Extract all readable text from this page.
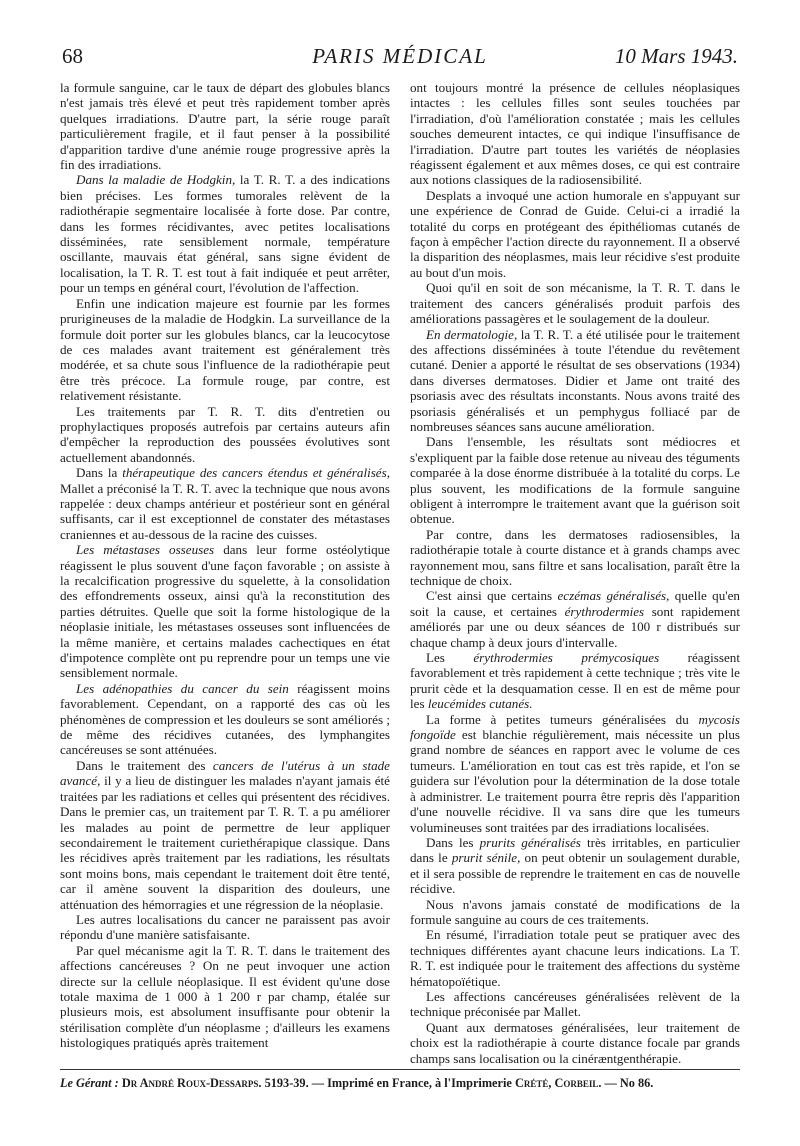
68	PARIS MÉDICAL	10 Mars 1943.

la formule sanguine, car le taux de départ des globules blancs n'est jamais très élevé et peut très rapidement tomber après quelques irradiations. D'autre part, la série rouge paraît particulièrement fragile, et il faut penser à la possibilité d'apparition tardive d'une anémie rouge progressive après la fin des irradiations.

Dans la maladie de Hodgkin, la T. R. T. a des indications bien précises. Les formes tumorales relèvent de la radiothérapie segmentaire localisée à forte dose. Par contre, dans les formes récidivantes, avec petites localisations disséminées, rate sensiblement normale, température oscillante, mauvais état général, sans signe évident de localisation, la T. R. T. est tout à fait indiquée et peut arrêter, pour un temps en général court, l'évolution de l'affection.

Enfin une indication majeure est fournie par les formes prurigineuses de la maladie de Hodgkin. La surveillance de la formule doit porter sur les globules blancs, car la leucocytose de ces malades avant traitement est généralement très modérée, et sa chute sous l'influence de la radiothérapie peut être très précoce. La formule rouge, par contre, est relativement résistante.

Les traitements par T. R. T. dits d'entretien ou prophylactiques proposés autrefois par certains auteurs afin d'empêcher la reproduction des poussées évolutives sont actuellement abandonnés.

Dans la thérapeutique des cancers étendus et généralisés, Mallet a préconisé la T. R. T. avec la technique que nous avons rappelée : deux champs antérieur et postérieur sont en général suffisants, car il est exceptionnel de constater des métastases craniennes et au-dessous de la racine des cuisses.

Les métastases osseuses dans leur forme ostéolytique réagissent le plus souvent d'une façon favorable ; on assiste à la recalcification progressive du squelette, à la consolidation des effondrements osseux, ainsi qu'à la reconstitution des parties détruites. Quelle que soit la forme histologique de la néoplasie initiale, les métastases osseuses sont influencées de la même manière, et certains malades cachectiques en état d'impotence complète ont pu reprendre pour un temps une vie sensiblement normale.

Les adénopathies du cancer du sein réagissent moins favorablement. Cependant, on a rapporté des cas où les phénomènes de compression et les douleurs se sont améliorés ; de même des récidives cutanées, des lymphangites cancéreuses se sont atténuées.

Dans le traitement des cancers de l'utérus à un stade avancé, il y a lieu de distinguer les malades n'ayant jamais été traitées par les radiations et celles qui présentent des récidives. Dans le premier cas, un traitement par T. R. T. a pu améliorer les malades au point de permettre de leur appliquer secondairement le traitement curiethérapique classique. Dans les récidives après traitement par les radiations, les résultats sont moins bons, mais cependant le traitement doit être tenté, car il amène souvent la disparition des douleurs, une atténuation des hémorragies et une régression de la néoplasie.

Les autres localisations du cancer ne paraissent pas avoir répondu d'une manière satisfaisante.

Par quel mécanisme agit la T. R. T. dans le traitement des affections cancéreuses ? On ne peut invoquer une action directe sur la cellule néoplasique. Il est évident qu'une dose totale maxima de 1 000 à 1 200 r par champ, étalée sur plusieurs mois, est absolument insuffisante pour obtenir la stérilisation complète d'un néoplasme ; d'ailleurs les examens histologiques pratiqués après traitement

ont toujours montré la présence de cellules néoplasiques intactes : les cellules filles sont seules touchées par l'irradiation, d'où l'amélioration constatée ; mais les cellules souches demeurent intactes, ce qui indique l'insuffisance de l'irradiation. D'autre part toutes les variétés de néoplasies réagissent également et aux mêmes doses, ce qui est contraire aux notions classiques de la radiosensibilité.

Desplats a invoqué une action humorale en s'appuyant sur une expérience de Conrad de Guide. Celui-ci a irradié la totalité du corps en protégeant des épithéliomas cutanés de façon à empêcher l'action directe du rayonnement. Il a observé la disparition des néoplasmes, mais leur récidive s'est produite au bout d'un mois.

Quoi qu'il en soit de son mécanisme, la T. R. T. dans le traitement des cancers généralisés produit parfois des améliorations passagères et le soulagement de la douleur.

En dermatologie, la T. R. T. a été utilisée pour le traitement des affections disséminées à toute l'étendue du revêtement cutané. Denier a apporté le résultat de ses observations (1934) dans diverses dermatoses. Didier et Jame ont traité des psoriasis avec des résultats inconstants. Nous avons traité des psoriasis généralisés et un pemphygus folliacé par de nombreuses séances sans aucune amélioration.

Dans l'ensemble, les résultats sont médiocres et s'expliquent par la faible dose retenue au niveau des téguments comparée à la dose énorme distribuée à la totalité du corps. Le plus souvent, les modifications de la formule sanguine obligent à interrompre le traitement avant que la guérison soit obtenue.

Par contre, dans les dermatoses radiosensibles, la radiothérapie totale à courte distance et à grands champs avec rayonnement mou, sans filtre et sans localisation, paraît être la technique de choix.

C'est ainsi que certains eczémas généralisés, quelle qu'en soit la cause, et certaines érythrodermies sont rapidement améliorés par une ou deux séances de 100 r distribués sur chaque champ à deux jours d'intervalle.

Les érythrodermies prémycosiques réagissent favorablement et très rapidement à cette technique ; très vite le prurit cède et la desquamation cesse. Il en est de même pour les leucémides cutanés.

La forme à petites tumeurs généralisées du mycosis fongoïde est blanchie régulièrement, mais nécessite un plus grand nombre de séances en rapport avec le volume de ces tumeurs. L'amélioration en tout cas est très rapide, et l'on se guidera sur l'évolution pour la détermination de la dose totale à administrer. Le traitement pourra être repris dès l'apparition d'une nouvelle récidive. Il va sans dire que les tumeurs volumineuses sont traitées par des irradiations localisées.

Dans les prurits généralisés très irritables, en particulier dans le prurit sénile, on peut obtenir un soulagement durable, et il sera possible de reprendre le traitement en cas de nouvelle récidive.

Nous n'avons jamais constaté de modifications de la formule sanguine au cours de ces traitements.

En résumé, l'irradiation totale peut se pratiquer avec des techniques différentes ayant chacune leurs indications. La T. R. T. est indiquée pour le traitement des affections du système hématopoïétique.

Les affections cancéreuses généralisées relèvent de la technique préconisée par Mallet.

Quant aux dermatoses généralisées, leur traitement de choix est la radiothérapie à courte distance focale par grands champs sans localisation ou la cinéræntgenthérapie.

Le Gérant : Dr André Roux-Dessarps. 5193-39. — Imprimé en France, à l'Imprimerie Crété, Corbeil. — No 86.
